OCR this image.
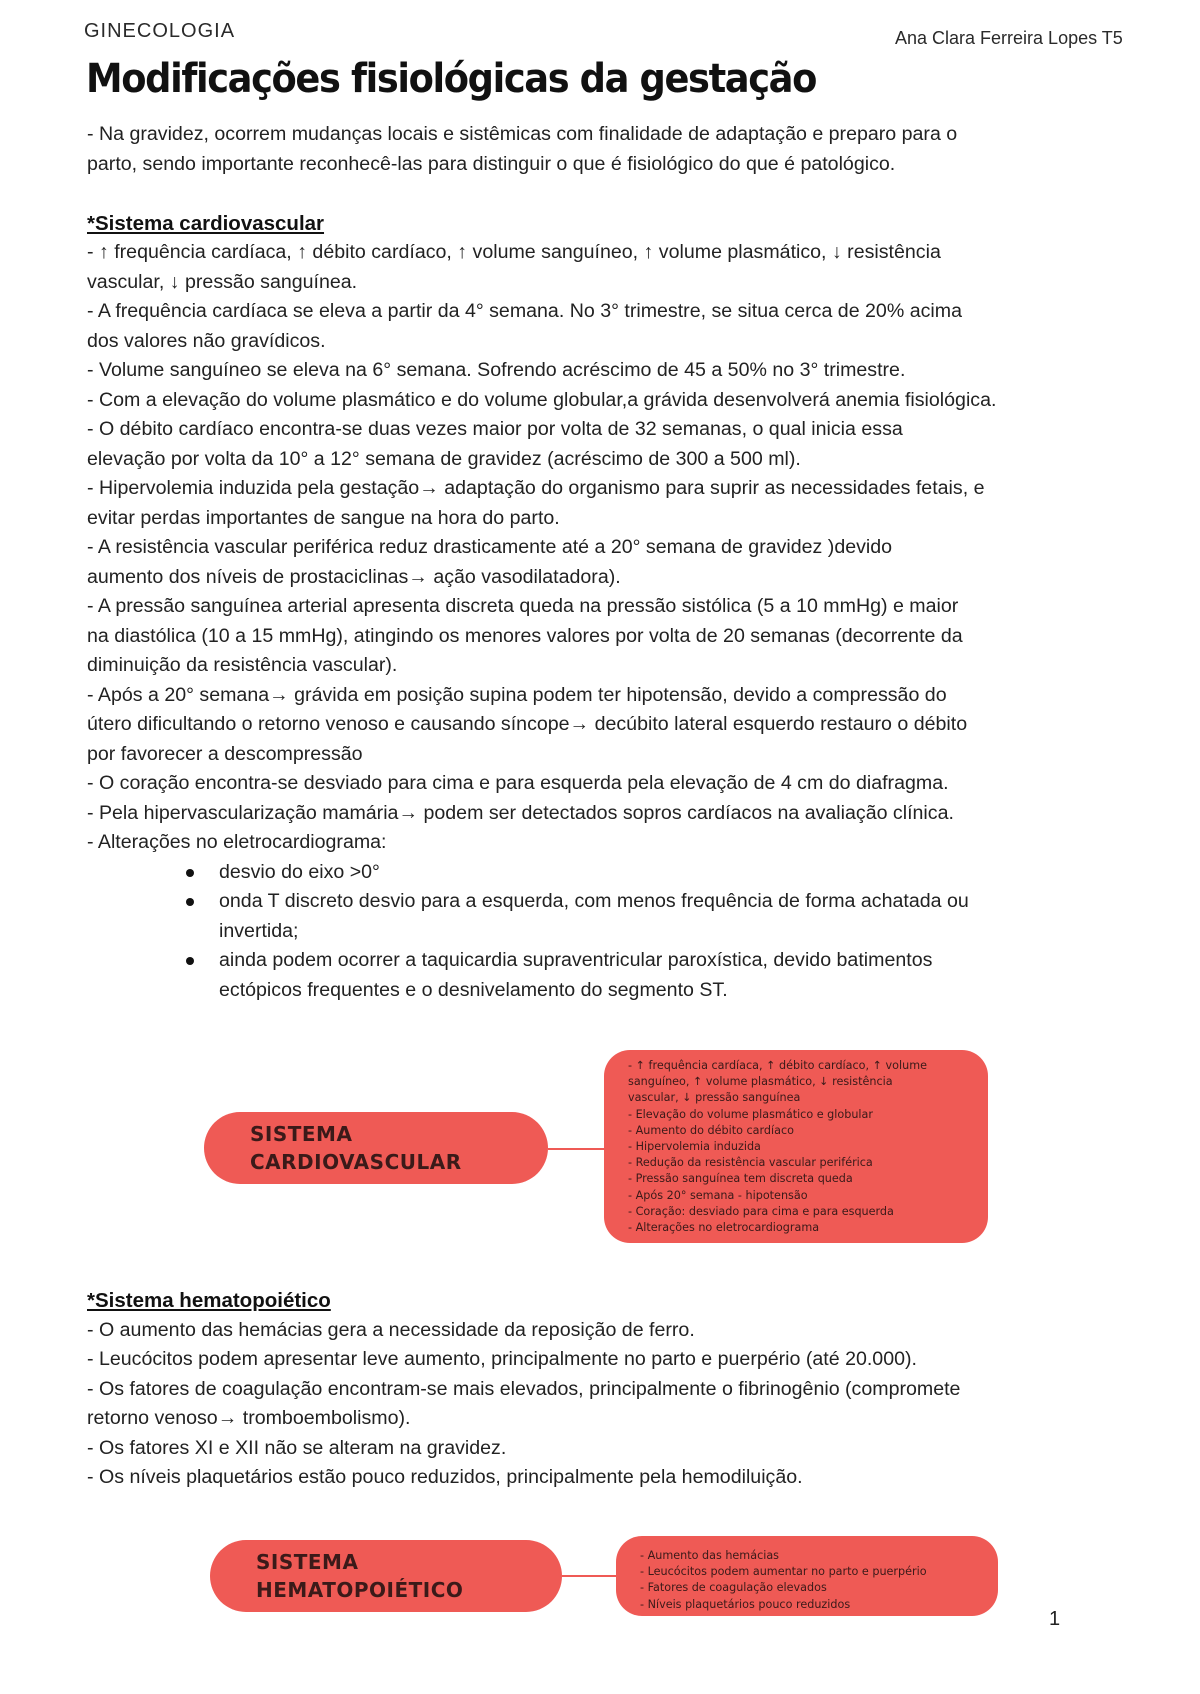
GINECOLOGIA	Ana Clara Ferreira Lopes T5
Modificações fisiológicas da gestação

- Na gravidez, ocorrem mudanças locais e sistêmicas com finalidade de adaptação e preparo para o

parto, sendo importante reconhecê-las para distinguir o que é fisiológico do que é patológico.

*Sistema cardiovascular

- ↑ frequência cardíaca, ↑ débito cardíaco, ↑ volume sanguíneo, ↑ volume plasmático, ↓ resistência

vascular, ↓ pressão sanguínea.

- A frequência cardíaca se eleva a partir da 4° semana. No 3° trimestre, se situa cerca de 20% acima

dos valores não gravídicos.

- Volume sanguíneo se eleva na 6° semana. Sofrendo acréscimo de 45 a 50% no 3° trimestre.

- Com a elevação do volume plasmático e do volume globular,a grávida desenvolverá anemia fisiológica.

- O débito cardíaco encontra-se duas vezes maior por volta de 32 semanas, o qual inicia essa

elevação por volta da 10° a 12° semana de gravidez (acréscimo de 300 a 500 ml).

- Hipervolemia induzida pela gestação→ adaptação do organismo para suprir as necessidades fetais, e

evitar perdas importantes de sangue na hora do parto.

- A resistência vascular periférica reduz drasticamente até a 20° semana de gravidez )devido

aumento dos níveis de prostaciclinas→ ação vasodilatadora).

- A pressão sanguínea arterial apresenta discreta queda na pressão sistólica (5 a 10 mmHg) e maior

na diastólica (10 a 15 mmHg), atingindo os menores valores por volta de 20 semanas (decorrente da

diminuição da resistência vascular).

- Após a 20° semana→ grávida em posição supina podem ter hipotensão, devido a compressão do

útero dificultando o retorno venoso e causando síncope→ decúbito lateral esquerdo restauro o débito

por favorecer a descompressão

- O coração encontra-se desviado para cima e para esquerda pela elevação de 4 cm do diafragma.

- Pela hipervascularização mamária→ podem ser detectados sopros cardíacos na avaliação clínica.

- Alterações no eletrocardiograma:

desvio do eixo >0°
onda T discreto desvio para a esquerda, com menos frequência de forma achatada ou
invertida;
ainda podem ocorrer a taquicardia supraventricular paroxística, devido batimentos
ectópicos frequentes e o desnivelamento do segmento ST.
SISTEMA
CARDIOVASCULAR
- ↑ frequência cardíaca, ↑ débito cardíaco, ↑ volume
sanguíneo, ↑ volume plasmático, ↓ resistência
vascular, ↓ pressão sanguínea
- Elevação do volume plasmático e globular
- Aumento do débito cardíaco
- Hipervolemia induzida
- Redução da resistência vascular periférica
- Pressão sanguínea tem discreta queda
- Após 20° semana - hipotensão
- Coração: desviado para cima e para esquerda
- Alterações no eletrocardiograma
*Sistema hematopoiético

- O aumento das hemácias gera a necessidade da reposição de ferro.

- Leucócitos podem apresentar leve aumento, principalmente no parto e puerpério (até 20.000).

- Os fatores de coagulação encontram-se mais elevados, principalmente o fibrinogênio (compromete

retorno venoso→ tromboembolismo).

- Os fatores XI e XII não se alteram na gravidez.

- Os níveis plaquetários estão pouco reduzidos, principalmente pela hemodiluição.

SISTEMA
HEMATOPOIÉTICO
- Aumento das hemácias
- Leucócitos podem aumentar no parto e puerpério
- Fatores de coagulação elevados
- Níveis plaquetários pouco reduzidos
1
